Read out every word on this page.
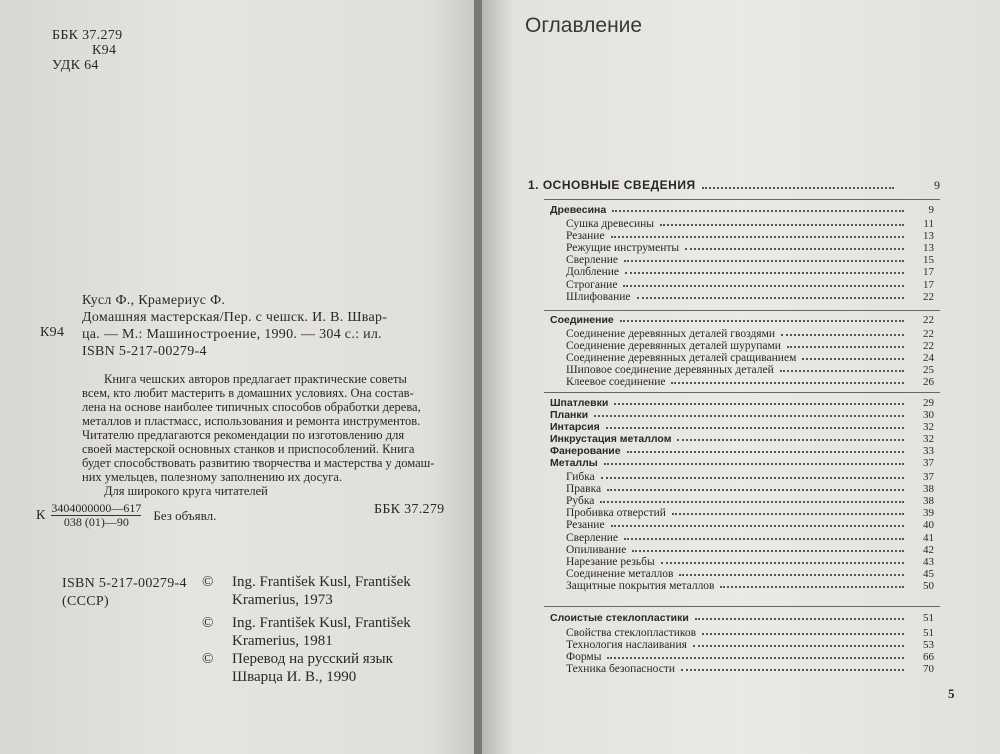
ББК 37.279
К94
УДК 64
Кусл Ф., Крамериус Ф.
К94
Домашняя мастерская/Пер. с чешск. И. В. Швар-
ца. — М.: Машиностроение, 1990. — 304 с.: ил.
ISBN 5-217-00279-4

Книга чешских авторов предлагает практические советы

всем, кто любит мастерить в домашних условиях. Она состав-

лена на основе наиболее типичных способов обработки дерева,

металлов и пластмасс, использования и ремонта инструментов.

Читателю предлагаются рекомендации по изготовлению для

своей мастерской основных станков и приспособлений. Книга

будет способствовать развитию творчества и мастерства у домаш-

них умельцев, полезному заполнению их досуга.

Для широкого круга читателей

К $\frac{3404000000—617}{038 (01)—90}$ Без объявл.	ББК 37.279
ISBN 5-217-00279-4
(СССР)
© Ing. František Kusl, František
Kramerius, 1973
© Ing. František Kusl, František
Kramerius, 1981
© Перевод на русский язык
Шварца И. В., 1990
Оглавление
1. ОСНОВНЫЕ СВЕДЕНИЯ	9
Древесина	9
Сушка древесины	11
Резание	13
Режущие инструменты	13
Сверление	15
Долбление	17
Строгание	17
Шлифование	22
Соединение	22
Соединение деревянных деталей гвоздями	22
Соединение деревянных деталей шурупами	22
Соединение деревянных деталей сращиванием	24
Шиповое соединение деревянных деталей	25
Клеевое соединение	26
Шпатлевки	29
Планки	30
Интарсия	32
Инкрустация металлом	32
Фанерование	33
Металлы	37
Гибка	37
Правка	38
Рубка	38
Пробивка отверстий	39
Резание	40
Сверление	41
Опиливание	42
Нарезание резьбы	43
Соединение металлов	45
Защитные покрытия металлов	50
Слоистые стеклопластики	51
Свойства стеклопластиков	51
Технология наслаивания	53
Формы	66
Техника безопасности	70
5
